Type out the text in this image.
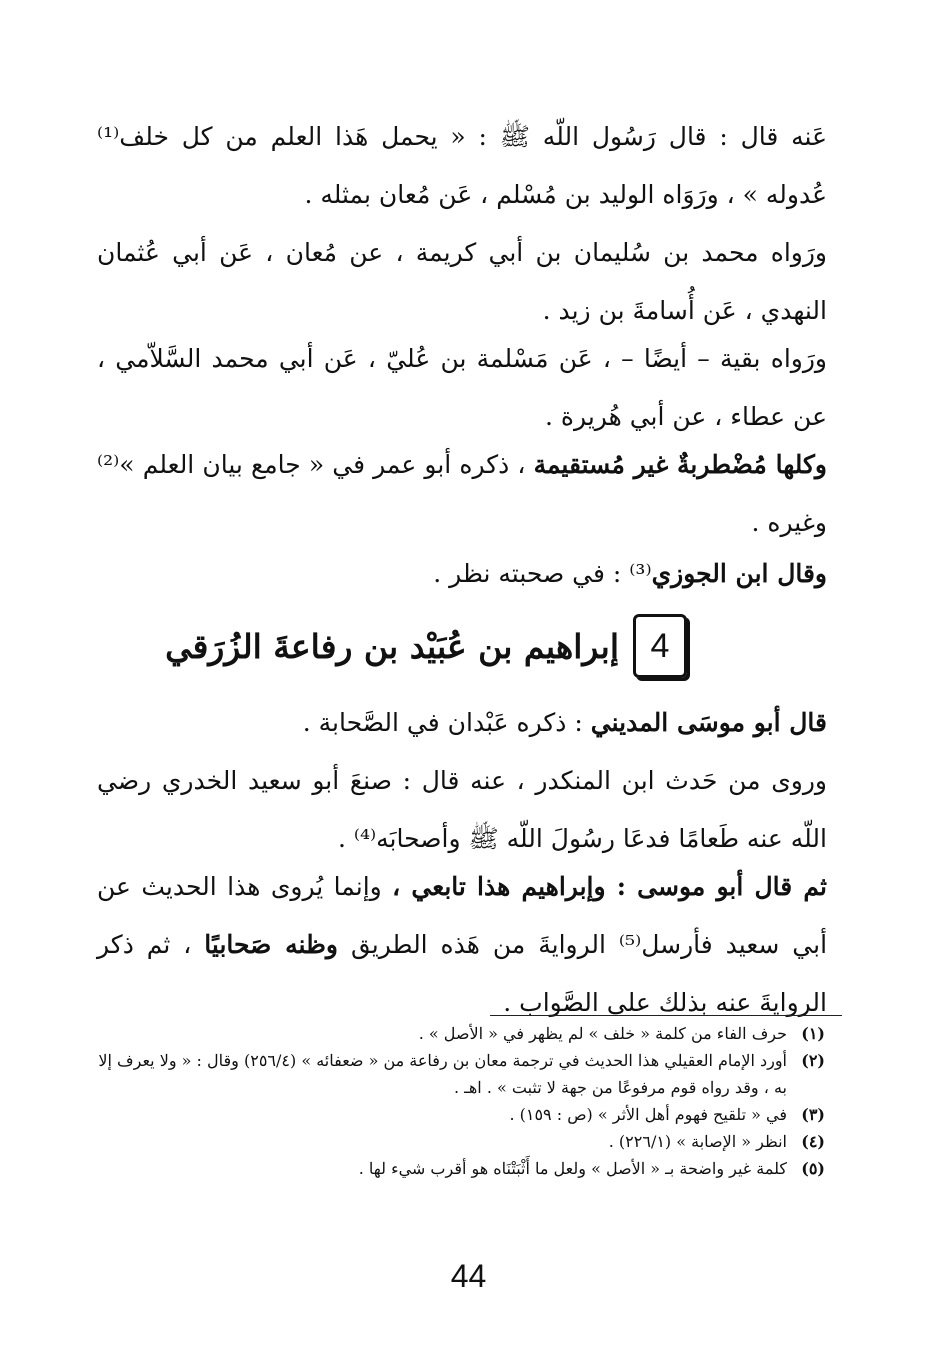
عَنه قال : قال رَسُول اللّه ﷺ : « يحمل هَذا العلم من كل خلف⁽¹⁾ عُدوله » ، ورَوَاه الوليد بن مُسْلم ، عَن مُعان بمثله .

ورَواه محمد بن سُليمان بن أبي كريمة ، عن مُعان ، عَن أبي عُثمان النهدي ، عَن أُسامةَ بن زيد .

ورَواه بقية – أيضًا – ، عَن مَسْلمة بن عُليّ ، عَن أبي محمد السَّلاّمي ، عن عطاء ، عن أبي هُريرة .

وكلها مُضْطربةٌ غير مُستقيمة ، ذكره أبو عمر في « جامع بيان العلم »⁽²⁾ وغيره .

وقال ابن الجوزي⁽³⁾ : في صحبته نظر .

4
إبراهيم بن عُبَيْد بن رفاعةَ الزُرَقي

قال أبو موسَى المديني : ذكره عَبْدان في الصَّحابة .

وروى من حَدث ابن المنكدر ، عنه قال : صنعَ أبو سعيد الخدري رضي اللّه عنه طَعامًا فدعَا رسُولَ اللّه ﷺ وأصحابَه⁽⁴⁾ .

ثم قال أبو موسى : وإبراهيم هذا تابعي ، وإنما يُروى هذا الحديث عن أبي سعيد فأرسل⁽⁵⁾ الروايةَ من هَذه الطريق وظنه صَحابيًا ، ثم ذكر الروايةَ عنه بذلك على الصَّواب .

(١)
حرف الفاء من كلمة « خلف » لم يظهر في « الأصل » .
(٢)
أورد الإمام العقيلي هذا الحديث في ترجمة معان بن رفاعة من « ضعفائه » (٢٥٦/٤) وقال : « ولا يعرف إلا به ، وقد رواه قوم مرفوعًا من جهة لا تثبت » . اهـ .
(٣)
في « تلقيح فهوم أهل الأثر » (ص : ١٥٩) .
(٤)
انظر « الإصابة » (٢٢٦/١) .
(٥)
كلمة غير واضحة بـ « الأصل » ولعل ما أَثْبَتْنَاه هو أقرب شيء لها .
44
